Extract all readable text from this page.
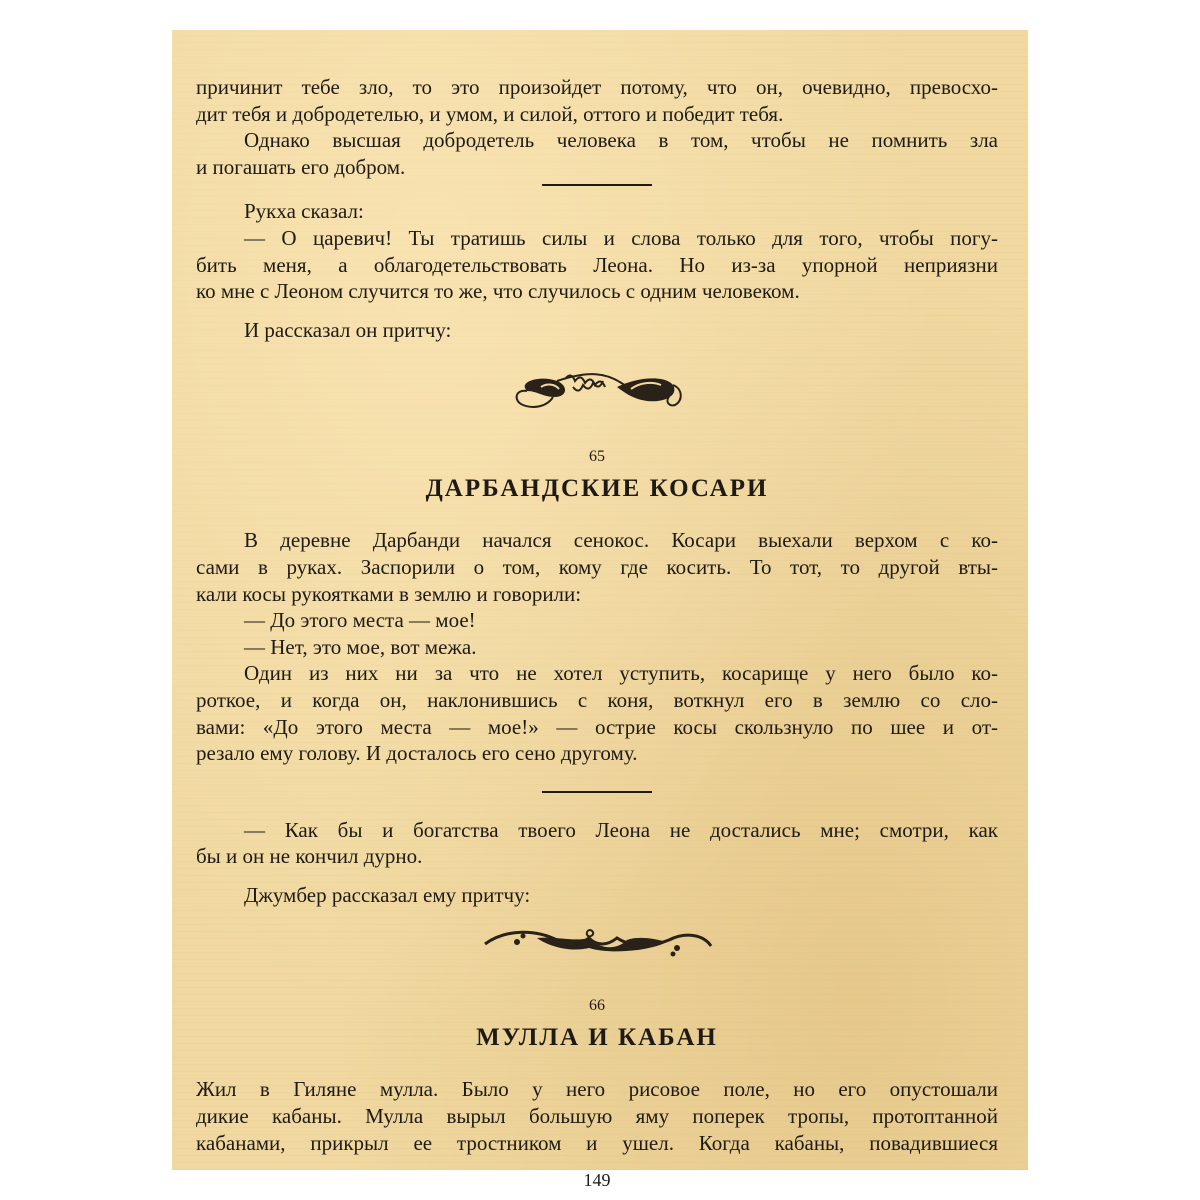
причинит тебе зло, то это произойдет потому, что он, очевидно, превосхо-

дит тебя и добродетелью, и умом, и силой, оттого и победит тебя.

Однако высшая добродетель человека в том, чтобы не помнить зла

и погашать его добром.

Рукха сказал:

— О царевич! Ты тратишь силы и слова только для того, чтобы погу-

бить меня, а облагодетельствовать Леона. Но из-за упорной неприязни

ко мне с Леоном случится то же, что случилось с одним человеком.

И рассказал он притчу:

65

ДАРБАНДСКИЕ КОСАРИ

В деревне Дарбанди начался сенокос. Косари выехали верхом с ко-

сами в руках. Заспорили о том, кому где косить. То тот, то другой вты-

кали косы рукоятками в землю и говорили:

— До этого места — мое!

— Нет, это мое, вот межа.

Один из них ни за что не хотел уступить, косарище у него было ко-

роткое, и когда он, наклонившись с коня, воткнул его в землю со сло-

вами: «До этого места — мое!» — острие косы скользнуло по шее и от-

резало ему голову. И досталось его сено другому.

— Как бы и богатства твоего Леона не достались мне; смотри, как

бы и он не кончил дурно.

Джумбер рассказал ему притчу:

66

МУЛЛА И КАБАН

Жил в Гиляне мулла. Было у него рисовое поле, но его опустошали

дикие кабаны. Мулла вырыл большую яму поперек тропы, протоптанной

кабанами, прикрыл ее тростником и ушел. Когда кабаны, повадившиеся

149
